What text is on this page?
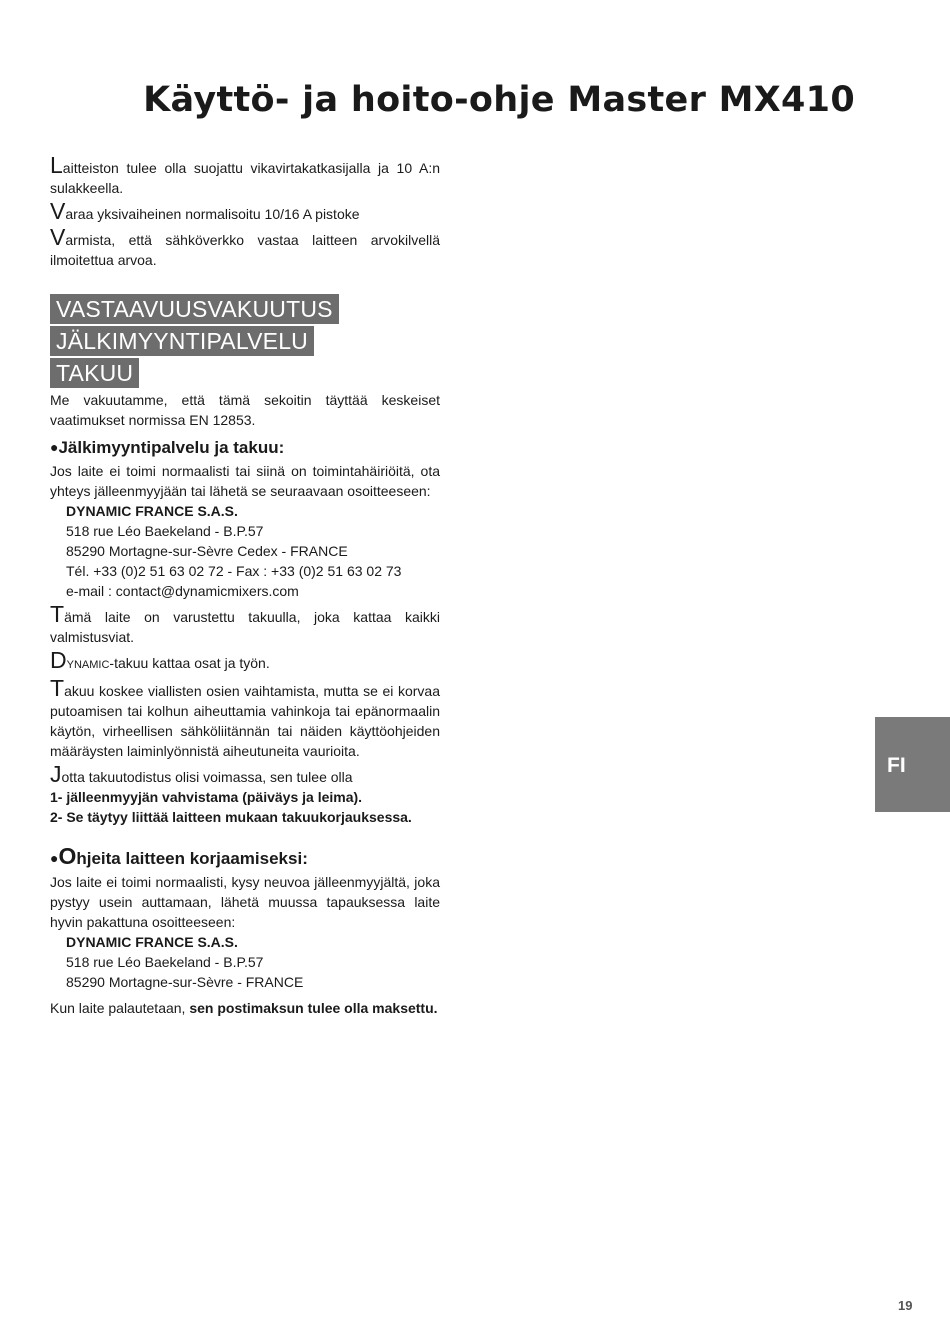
Käyttö- ja hoito-ohje Master MX410

Laitteiston tulee olla suojattu vikavirtakatkasijalla ja 10 A:n sulakkeella.

Varaa yksivaiheinen normalisoitu 10/16 A pistoke

Varmista, että sähköverkko vastaa laitteen arvokilvellä ilmoitettua arvoa.

VASTAAVUUSVAKUUTUS
JÄLKIMYYNTIPALVELU
TAKUU

Me vakuutamme, että tämä sekoitin täyttää keskeiset vaatimukset normissa EN 12853.

●Jälkimyyntipalvelu ja takuu:

Jos laite ei toimi normaalisti tai siinä on toimintahäiriöitä, ota yhteys jälleenmyyjään tai lähetä se seuraavaan osoitteeseen:

DYNAMIC FRANCE S.A.S.
518 rue Léo Baekeland - B.P.57
85290 Mortagne-sur-Sèvre Cedex - FRANCE
Tél. +33 (0)2 51 63 02 72 - Fax : +33 (0)2 51 63 02 73
e-mail : contact@dynamicmixers.com

Tämä laite on varustettu takuulla, joka kattaa kaikki valmistusviat.

DYNAMIC-takuu kattaa osat ja työn.

Takuu koskee viallisten osien vaihtamista, mutta se ei korvaa putoamisen tai kolhun aiheuttamia vahinkoja tai epänormaalin käytön, virheellisen sähköliitännän tai näiden käyttöohjeiden määräysten laiminlyönnistä aiheutuneita vaurioita.

Jotta takuutodistus olisi voimassa, sen tulee olla

1- jälleenmyyjän vahvistama (päiväys ja leima).
2- Se täytyy liittää laitteen mukaan takuukorjauksessa.
●Ohjeita laitteen korjaamiseksi:

Jos laite ei toimi normaalisti, kysy neuvoa jälleenmyyjältä, joka pystyy usein auttamaan, lähetä muussa tapauksessa laite hyvin pakattuna osoitteeseen:

DYNAMIC FRANCE S.A.S.
518 rue Léo Baekeland - B.P.57
85290 Mortagne-sur-Sèvre - FRANCE

Kun laite palautetaan, sen postimaksun tulee olla maksettu.

FI
19
